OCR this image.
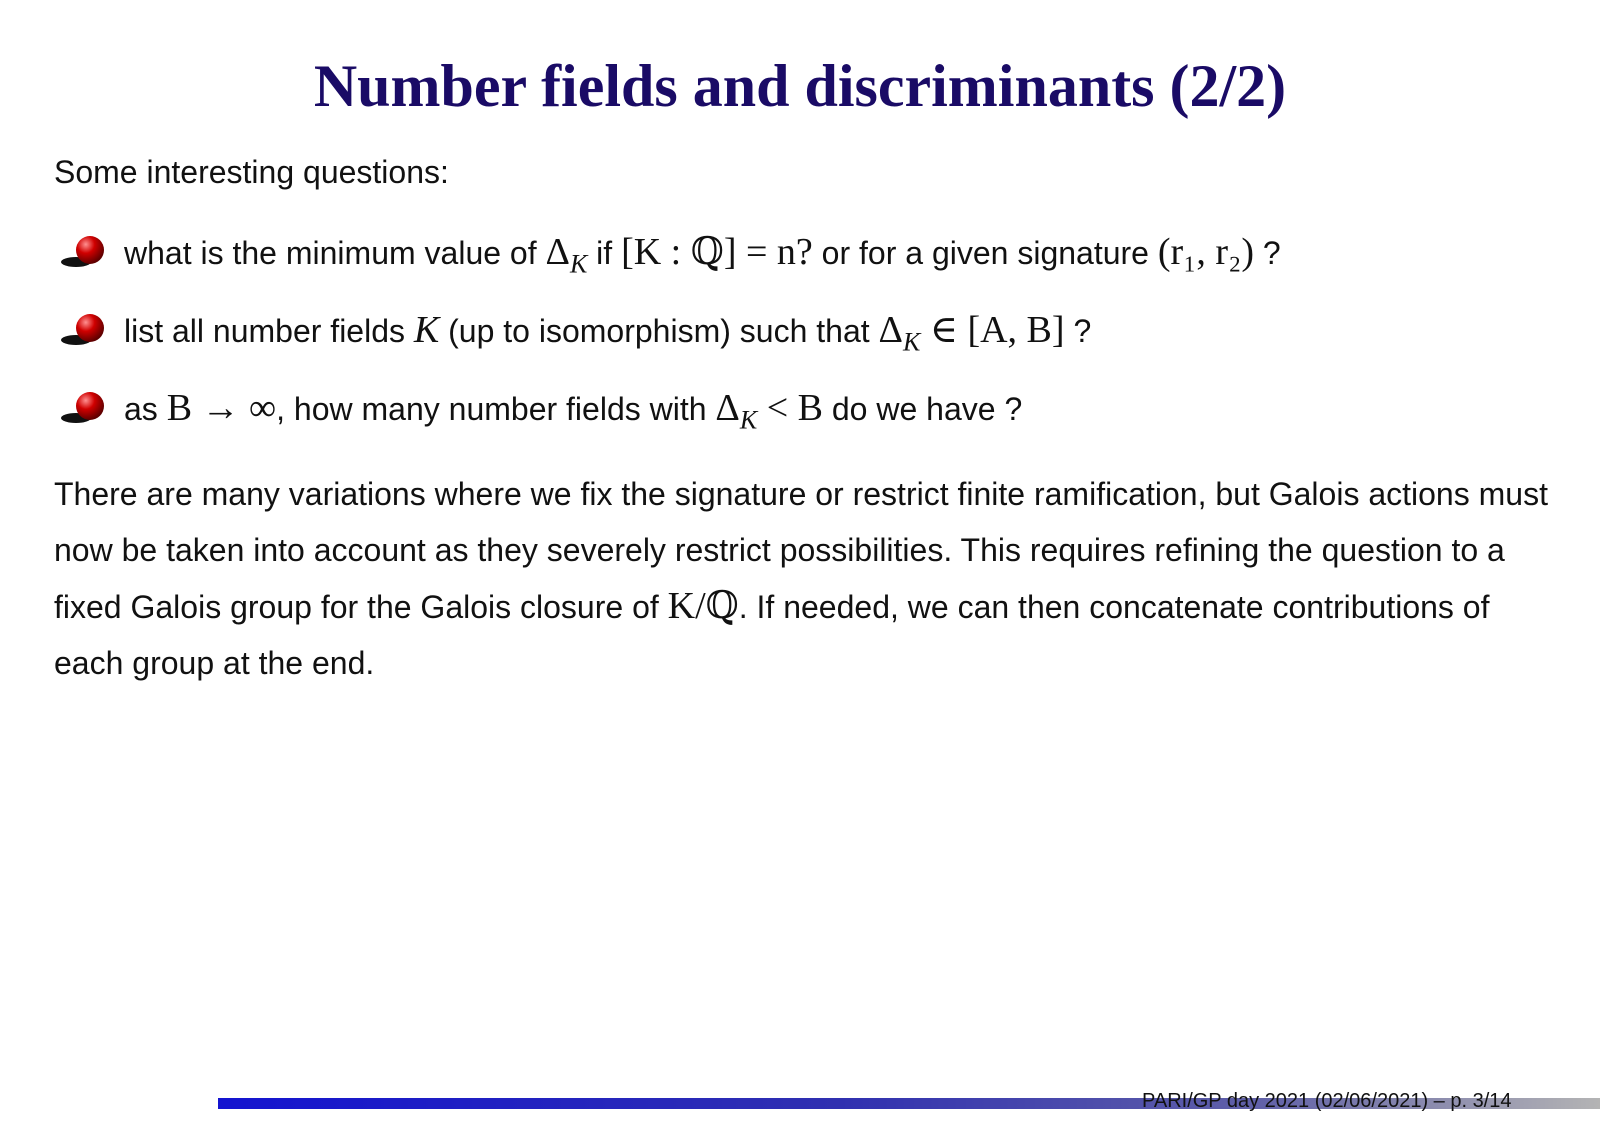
Number fields and discriminants (2/2)
Some interesting questions:
what is the minimum value of $\Delta_K$ if [K : ℚ] = n? or for a given signature (r₁, r₂) ?
list all number fields K (up to isomorphism) such that $\Delta_K$ ∈ [A, B] ?
as B → ∞, how many number fields with $\Delta_K < B$ do we have ?

There are many variations where we fix the signature or restrict finite ramification, but Galois actions must now be taken into account as they severely restrict possibilities. This requires refining the question to a fixed Galois group for the Galois closure of K/ℚ. If needed, we can then concatenate contributions of each group at the end.

PARI/GP day 2021 (02/06/2021) – p. 3/14
